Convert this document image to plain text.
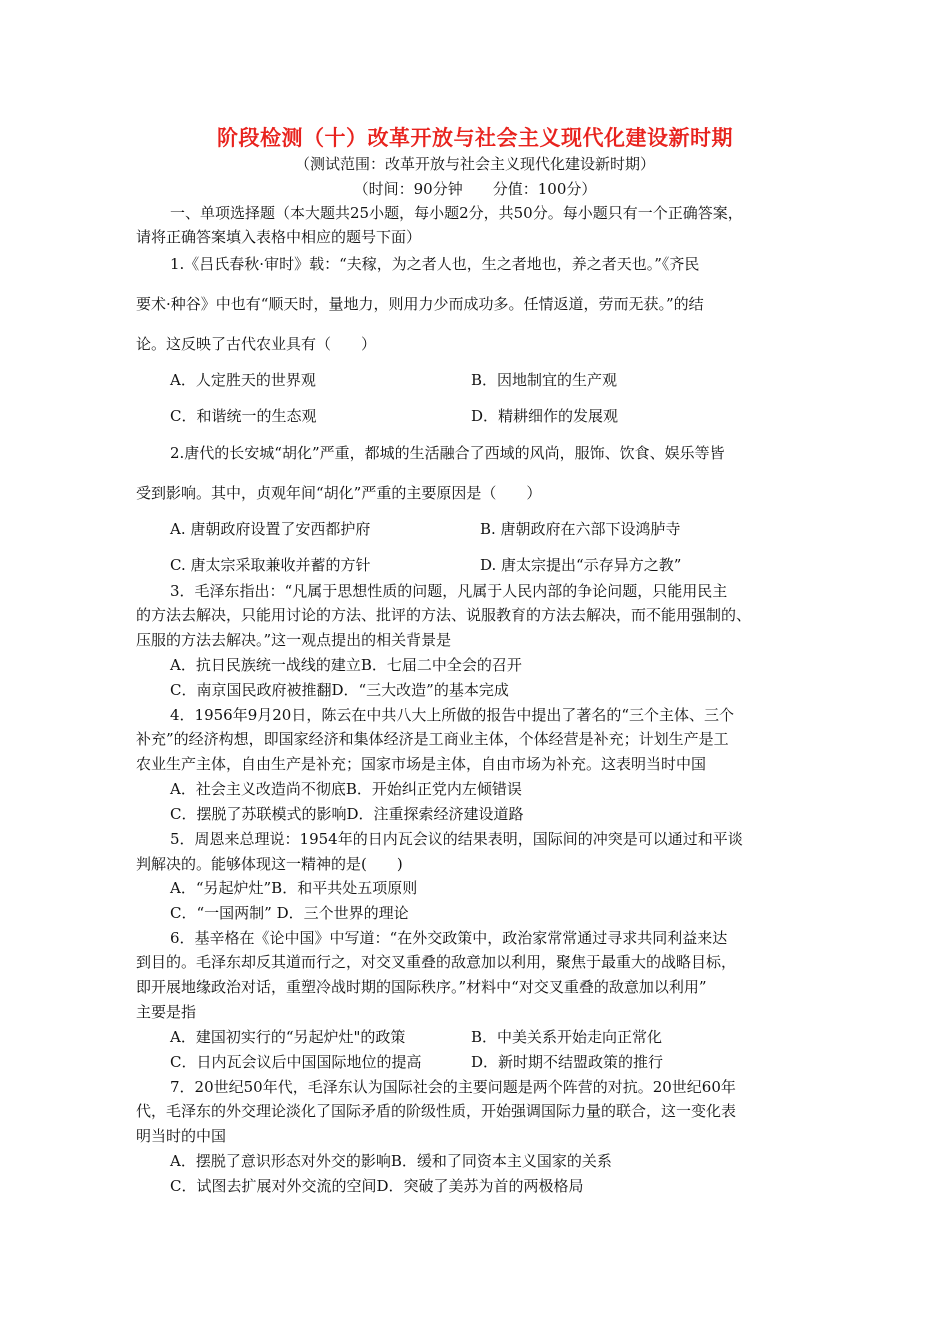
阶段检测（十）改革开放与社会主义现代化建设新时期
（测试范围：改革开放与社会主义现代化建设新时期）
（时间：90分钟　　分值：100分）
一、单项选择题（本大题共25小题，每小题2分，共50分。每小题只有一个正确答案，
请将正确答案填入表格中相应的题号下面）
1.《吕氏春秋·审时》载：“夫稼，为之者人也，生之者地也，养之者天也。”《齐民
要术·种谷》中也有“顺天时，量地力，则用力少而成功多。任情返道，劳而无获。”的结
论。这反映了古代农业具有（　　）
A．人定胜天的世界观	B．因地制宜的生产观
C．和谐统一的生态观	D．精耕细作的发展观
2.唐代的长安城“胡化”严重，都城的生活融合了西域的风尚，服饰、饮食、娱乐等皆
受到影响。其中，贞观年间“胡化”严重的主要原因是（　　）
A. 唐朝政府设置了安西都护府	B. 唐朝政府在六部下设鸿胪寺
C. 唐太宗采取兼收并蓄的方针	D. 唐太宗提出“示存异方之教”
3．毛泽东指出：“凡属于思想性质的问题，凡属于人民内部的争论问题，只能用民主
的方法去解决，只能用讨论的方法、批评的方法、说服教育的方法去解决，而不能用强制的、
压服的方法去解决。”这一观点提出的相关背景是
A．抗日民族统一战线的建立B．七届二中全会的召开
C．南京国民政府被推翻D．“三大改造”的基本完成
4．1956年9月20日，陈云在中共八大上所做的报告中提出了著名的“三个主体、三个
补充”的经济构想，即国家经济和集体经济是工商业主体，个体经营是补充；计划生产是工
农业生产主体，自由生产是补充；国家市场是主体，自由市场为补充。这表明当时中国
A．社会主义改造尚不彻底B．开始纠正党内左倾错误
C．摆脱了苏联模式的影响D．注重探索经济建设道路
5．周恩来总理说：1954年的日内瓦会议的结果表明，国际间的冲突是可以通过和平谈
判解决的。能够体现这一精神的是(　　)
A．“另起炉灶”B．和平共处五项原则
C．“一国两制” D．三个世界的理论
6．基辛格在《论中国》中写道：“在外交政策中，政治家常常通过寻求共同利益来达
到目的。毛泽东却反其道而行之，对交叉重叠的敌意加以利用，聚焦于最重大的战略目标，
即开展地缘政治对话，重塑冷战时期的国际秩序。”材料中“对交叉重叠的敌意加以利用”
主要是指
A．建国初实行的“另起炉灶"的政策	B．中美关系开始走向正常化
C．日内瓦会议后中国国际地位的提高	D．新时期不结盟政策的推行
7．20世纪50年代，毛泽东认为国际社会的主要问题是两个阵营的对抗。20世纪60年
代，毛泽东的外交理论淡化了国际矛盾的阶级性质，开始强调国际力量的联合，这一变化表
明当时的中国
A．摆脱了意识形态对外交的影响B．缓和了同资本主义国家的关系
C．试图去扩展对外交流的空间D．突破了美苏为首的两极格局
